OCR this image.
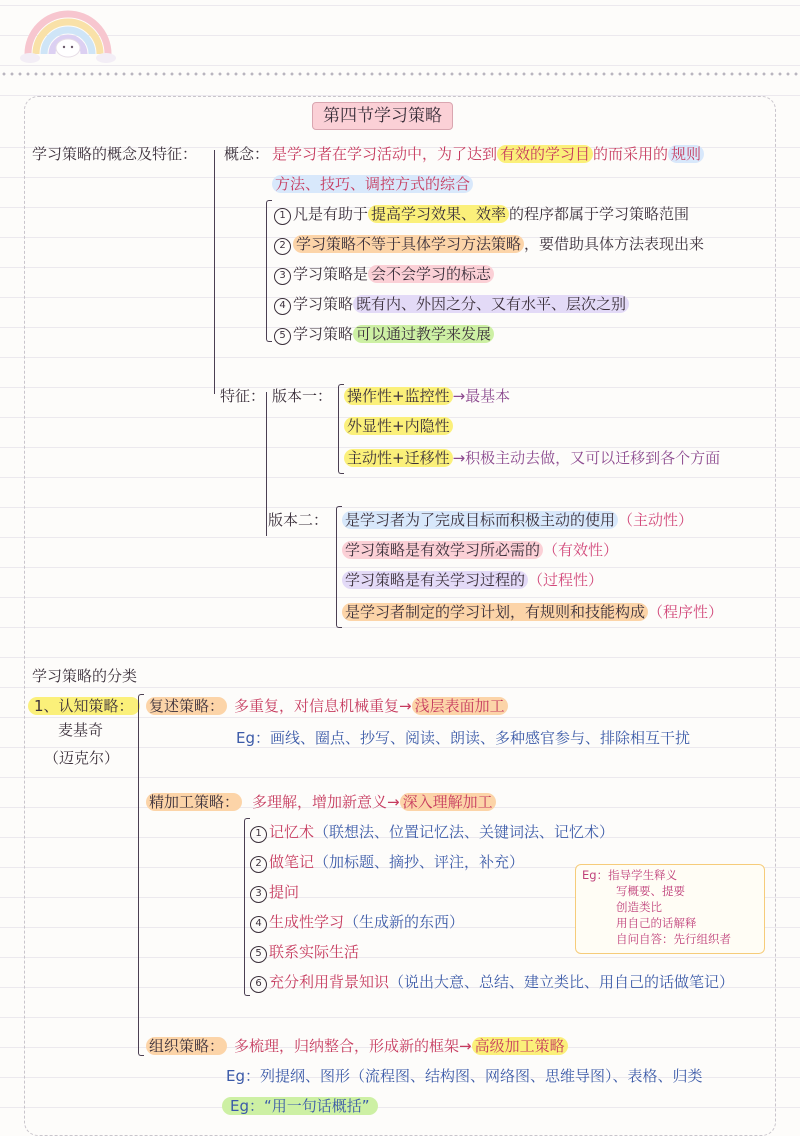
第四节学习策略
学习策略的概念及特征： 概念： 是学习者在学习活动中，为了达到 有效的学习目 的而采用的 规则
方法、技巧、调控方式的综合
1 凡是有助于 提高学习效果、效率 的程序都属于学习策略范围
2 学习策略不等于具体学习方法策略 ，要借助具体方法表现出来
3 学习策略是 会不会学习的标志
4 学习策略 既有内、外因之分、又有水平、层次之别
5 学习策略 可以通过教学来发展
特征： 版本一： 操作性+监控性 →最基本
外显性+内隐性
主动性+迁移性 →积极主动去做，又可以迁移到各个方面
版本二： 是学习者为了完成目标而积极主动的使用 （主动性）
学习策略是有效学习所必需的 （有效性）
学习策略是有关学习过程的 （过程性）
是学习者制定的学习计划，有规则和技能构成 （程序性）
学习策略的分类
1、认知策略：
麦基奇
（迈克尔）
复述策略： 多重复，对信息机械重复→ 浅层表面加工
Eg：画线、圈点、抄写、阅读、朗读、多种感官参与、排除相互干扰
精加工策略： 多理解，增加新意义→ 深入理解加工
1 记忆术（联想法、位置记忆法、关键词法、记忆术）
2 做笔记（加标题、摘抄、评注，补充）
3 提问
4 生成性学习（生成新的东西）
5 联系实际生活
6 充分利用背景知识（说出大意、总结、建立类比、用自己的话做笔记）
Eg：指导学生释义
写概要、提要
创造类比
用自己的话解释
自问自答：先行组织者
组织策略： 多梳理，归纳整合，形成新的框架→ 高级加工策略
Eg：列提纲、图形（流程图、结构图、网络图、思维导图）、表格、归类
Eg：“用一句话概括”
